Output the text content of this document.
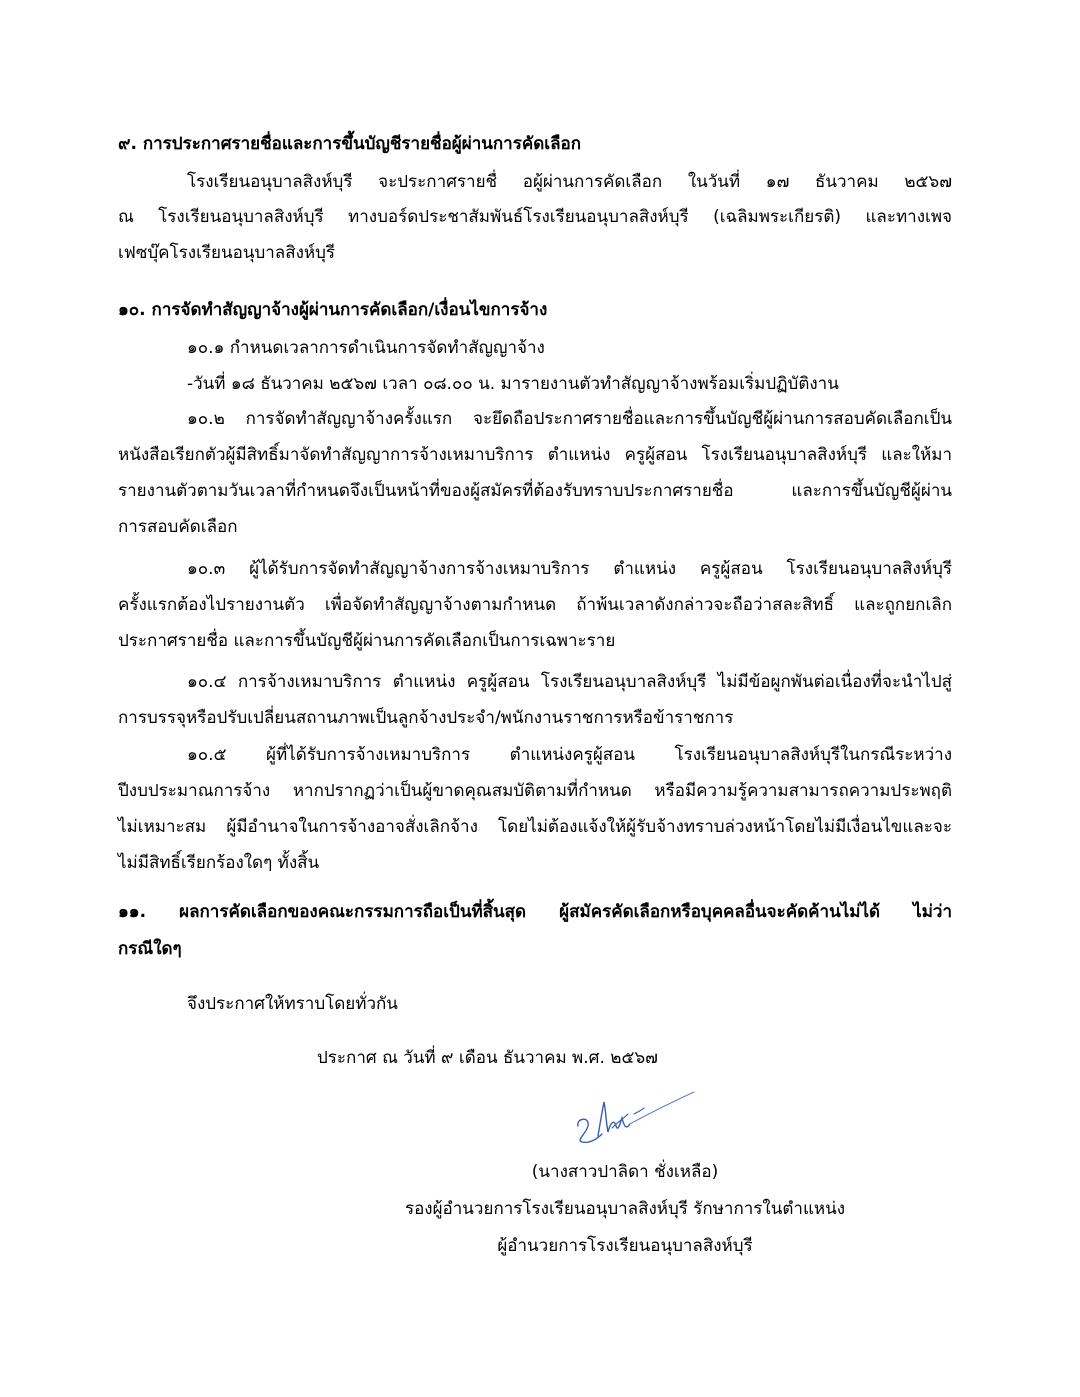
๙. การประกาศรายชื่อและการขึ้นบัญชีรายชื่อผู้ผ่านการคัดเลือก
โรงเรียนอนุบาลสิงห์บุรี จะประกาศรายชื่ อผู้ผ่านการคัดเลือก ในวันที่ ๑๗ ธันวาคม ๒๕๖๗
ณ โรงเรียนอนุบาลสิงห์บุรี ทางบอร์ดประชาสัมพันธ์โรงเรียนอนุบาลสิงห์บุรี (เฉลิมพระเกียรติ) และทางเพจ
เฟซบุ๊คโรงเรียนอนุบาลสิงห์บุรี
๑๐. การจัดทำสัญญาจ้างผู้ผ่านการคัดเลือก/เงื่อนไขการจ้าง
๑๐.๑ กำหนดเวลาการดำเนินการจัดทำสัญญาจ้าง
-วันที่ ๑๘ ธันวาคม ๒๕๖๗ เวลา ๐๘.๐๐ น. มารายงานตัวทำสัญญาจ้างพร้อมเริ่มปฏิบัติงาน
๑๐.๒ การจัดทำสัญญาจ้างครั้งแรก จะยึดถือประกาศรายชื่อและการขึ้นบัญชีผู้ผ่านการสอบคัดเลือกเป็น
หนังสือเรียกตัวผู้มีสิทธิ์มาจัดทำสัญญาการจ้างเหมาบริการ ตำแหน่ง ครูผู้สอน โรงเรียนอนุบาลสิงห์บุรี และให้มา
รายงานตัวตามวันเวลาที่กำหนดจึงเป็นหน้าที่ของผู้สมัครที่ต้องรับทราบประกาศรายชื่อ และการขึ้นบัญชีผู้ผ่าน
การสอบคัดเลือก
๑๐.๓ ผู้ได้รับการจัดทำสัญญาจ้างการจ้างเหมาบริการ ตำแหน่ง ครูผู้สอน โรงเรียนอนุบาลสิงห์บุรี
ครั้งแรกต้องไปรายงานตัว เพื่อจัดทำสัญญาจ้างตามกำหนด ถ้าพ้นเวลาดังกล่าวจะถือว่าสละสิทธิ์ และถูกยกเลิก
ประกาศรายชื่อ และการขึ้นบัญชีผู้ผ่านการคัดเลือกเป็นการเฉพาะราย
๑๐.๔ การจ้างเหมาบริการ ตำแหน่ง ครูผู้สอน โรงเรียนอนุบาลสิงห์บุรี ไม่มีข้อผูกพันต่อเนื่องที่จะนำไปสู่
การบรรจุหรือปรับเปลี่ยนสถานภาพเป็นลูกจ้างประจำ/พนักงานราชการหรือข้าราชการ
๑๐.๕ ผู้ที่ได้รับการจ้างเหมาบริการ ตำแหน่งครูผู้สอน โรงเรียนอนุบาลสิงห์บุรีในกรณีระหว่าง
ปีงบประมาณการจ้าง หากปรากฏว่าเป็นผู้ขาดคุณสมบัติตามที่กำหนด หรือมีความรู้ความสามารถความประพฤติ
ไม่เหมาะสม ผู้มีอำนาจในการจ้างอาจสั่งเลิกจ้าง โดยไม่ต้องแจ้งให้ผู้รับจ้างทราบล่วงหน้าโดยไม่มีเงื่อนไขและจะ
ไม่มีสิทธิ์เรียกร้องใดๆ ทั้งสิ้น
๑๑. ผลการคัดเลือกของคณะกรรมการถือเป็นที่สิ้นสุด ผู้สมัครคัดเลือกหรือบุคคลอื่นจะคัดค้านไม่ได้ ไม่ว่า
กรณีใดๆ
จึงประกาศให้ทราบโดยทั่วกัน
ประกาศ ณ วันที่ ๙ เดือน ธันวาคม พ.ศ. ๒๕๖๗
(นางสาวปาลิดา ชั่งเหลือ)
รองผู้อำนวยการโรงเรียนอนุบาลสิงห์บุรี รักษาการในตำแหน่ง
ผู้อำนวยการโรงเรียนอนุบาลสิงห์บุรี
